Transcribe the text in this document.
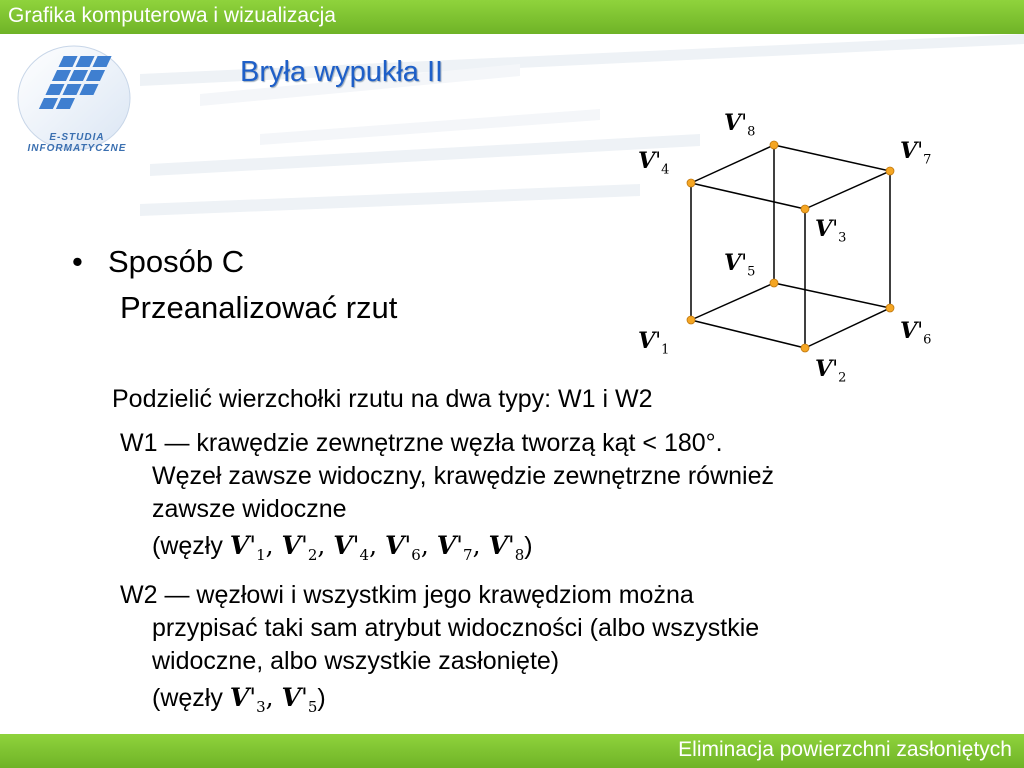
Grafika komputerowa i wizualizacja
E-STUDIA
INFORMATYCZNE
Bryła wypukła II
• Sposób C
Przeanalizować rzut
Podzielić wierzchołki rzutu na dwa typy: W1 i W2
W1 — krawędzie zewnętrzne węzła tworzą kąt < 180°.
Węzeł zawsze widoczny, krawędzie zewnętrzne również
zawsze widoczne
(węzły $V'_1$, $V'_2$, $V'_4$, $V'_6$, $V'_7$, $V'_8$)
W2 — węzłowi i wszystkim jego krawędziom można
przypisać taki sam atrybut widoczności (albo wszystkie
widoczne, albo wszystkie zasłonięte)
(węzły $V'_3$, $V'_5$)
$V'_1$
$V'_2$
$V'_3$
$V'_4$
$V'_5$
$V'_6$
$V'_7$
$V'_8$
Eliminacja powierzchni zasłoniętych
